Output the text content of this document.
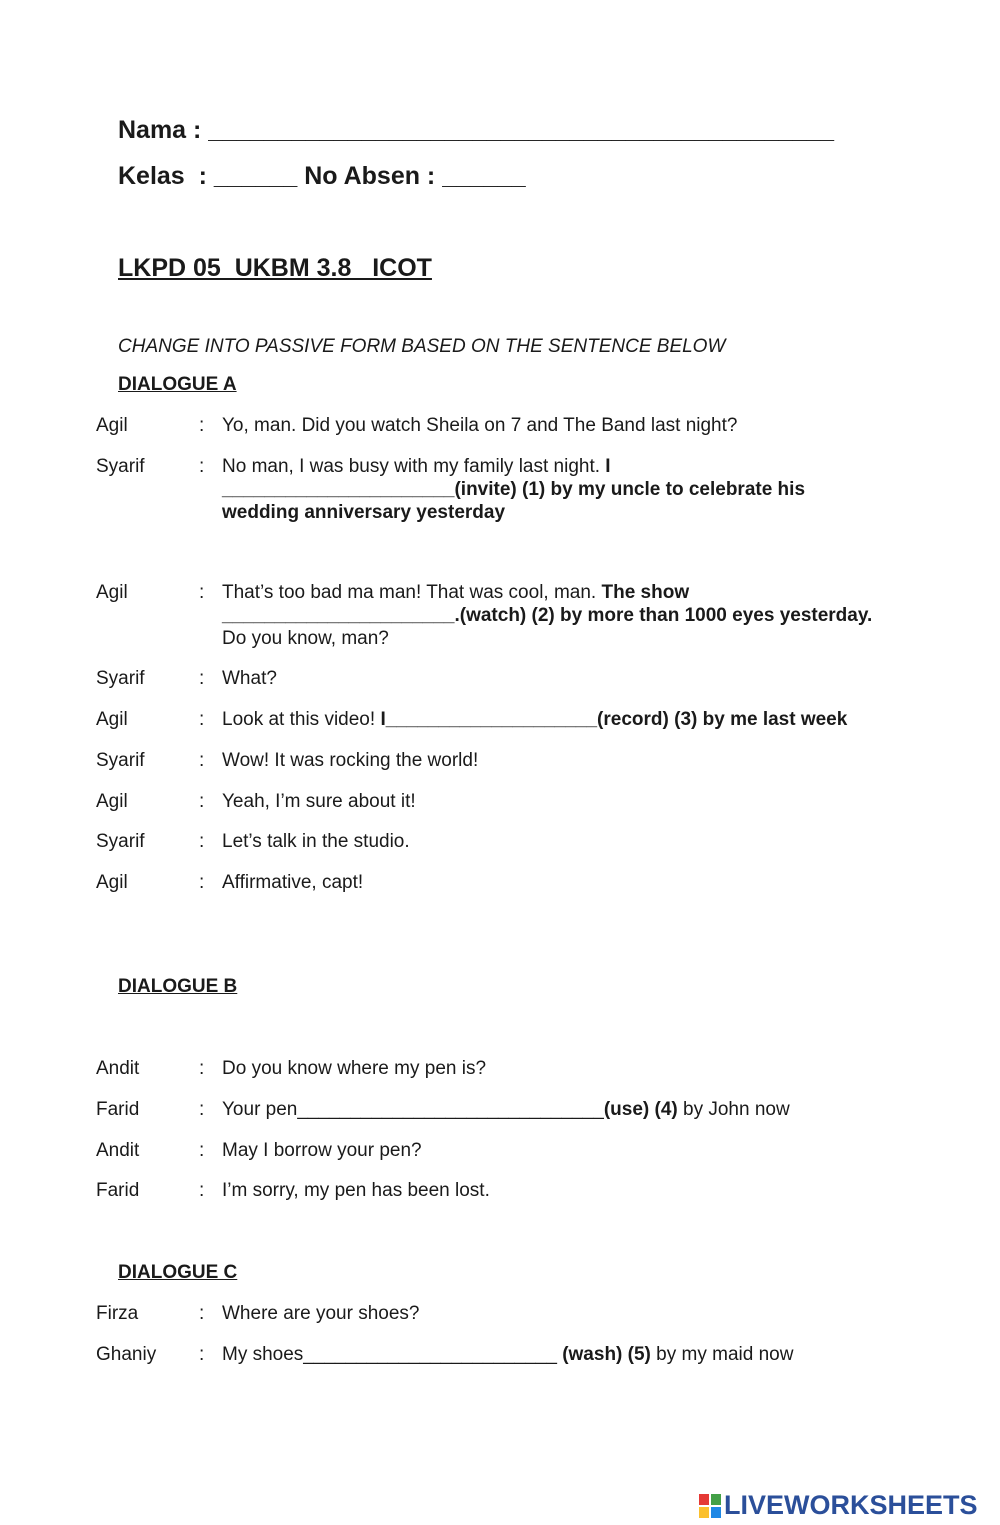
Nama : _____________________________________________
Kelas  : ______ No Absen : ______
LKPD 05  UKBM 3.8   ICOT
CHANGE INTO PASSIVE FORM BASED ON THE SENTENCE BELOW
DIALOGUE A
Agil	: Yo, man. Did you watch Sheila on 7 and The Band last night?
Syarif	: No man, I was busy with my family last night. I
______________________(invite) (1) by my uncle to celebrate his wedding anniversary yesterday
Agil	: That’s too bad ma man! That was cool, man. The show
______________________.(watch) (2) by more than 1000 eyes yesterday. Do you know, man?
Syarif	: What?
Agil	: Look at this video! I____________________(record) (3) by me last week
Syarif	: Wow! It was rocking the world!
Agil	: Yeah, I’m sure about it!
Syarif	: Let’s talk in the studio.
Agil	: Affirmative, capt!
DIALOGUE B
Andit	: Do you know where my pen is?
Farid	: Your pen_____________________________(use) (4) by John now
Andit	: May I borrow your pen?
Farid	: I’m sorry, my pen has been lost.
DIALOGUE C
Firza	: Where are your shoes?
Ghaniy : My shoes________________________ (wash) (5) by my maid now
LIVEWORKSHEETS
